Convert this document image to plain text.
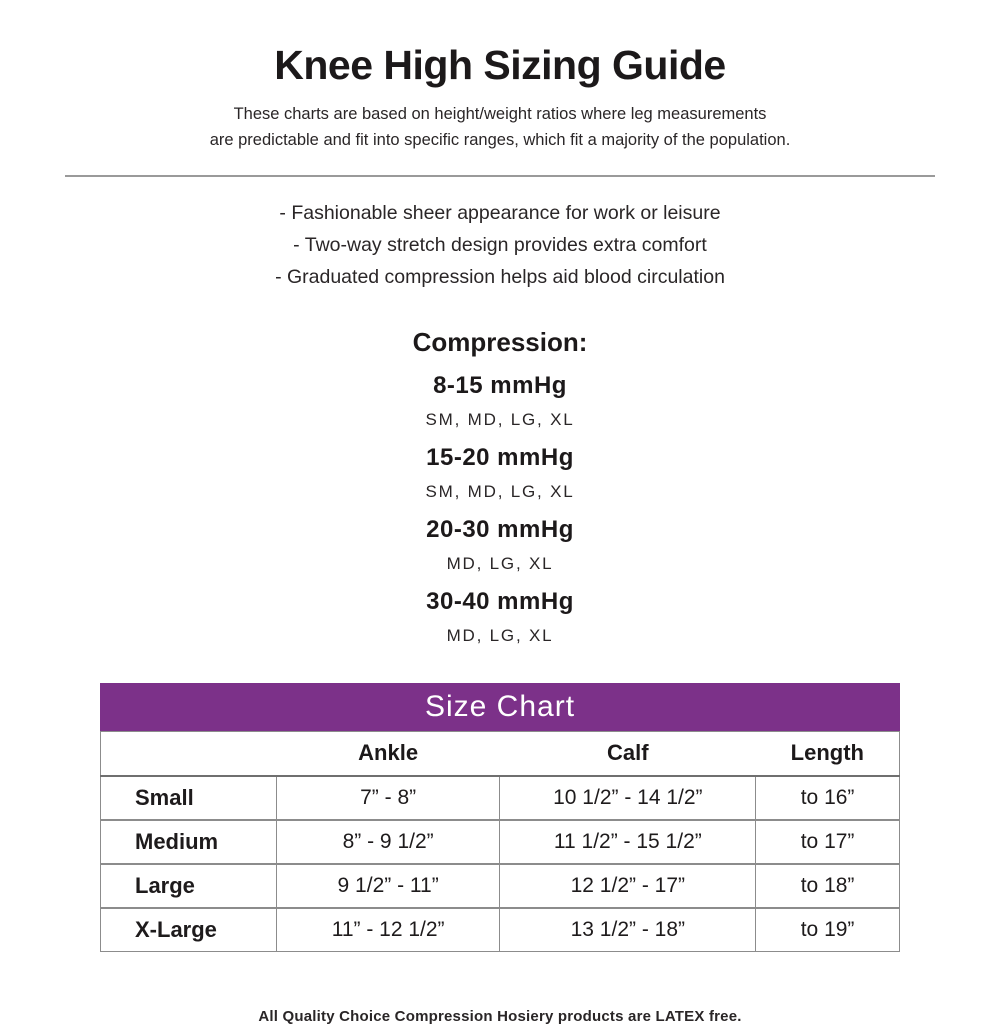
Knee High Sizing Guide

These charts are based on height/weight ratios where leg measurements
are predictable and fit into specific ranges, which fit a majority of the population.

- Fashionable sheer appearance for work or leisure
- Two-way stretch design provides extra comfort
- Graduated compression helps aid blood circulation
Compression:
8-15 mmHg
SM, MD, LG, XL
15-20 mmHg
SM, MD, LG, XL
20-30 mmHg
MD, LG, XL
30-40 mmHg
MD, LG, XL
Size Chart
	Ankle	Calf	Length
Small	7” - 8”	10 1/2” - 14 1/2”	to 16”
Medium	8” - 9 1/2”	11 1/2” - 15 1/2”	to 17”
Large	9 1/2” - 11”	12 1/2” - 17”	to 18”
X-Large	11” - 12 1/2”	13 1/2” - 18”	to 19”

All Quality Choice Compression Hosiery products are LATEX free.
